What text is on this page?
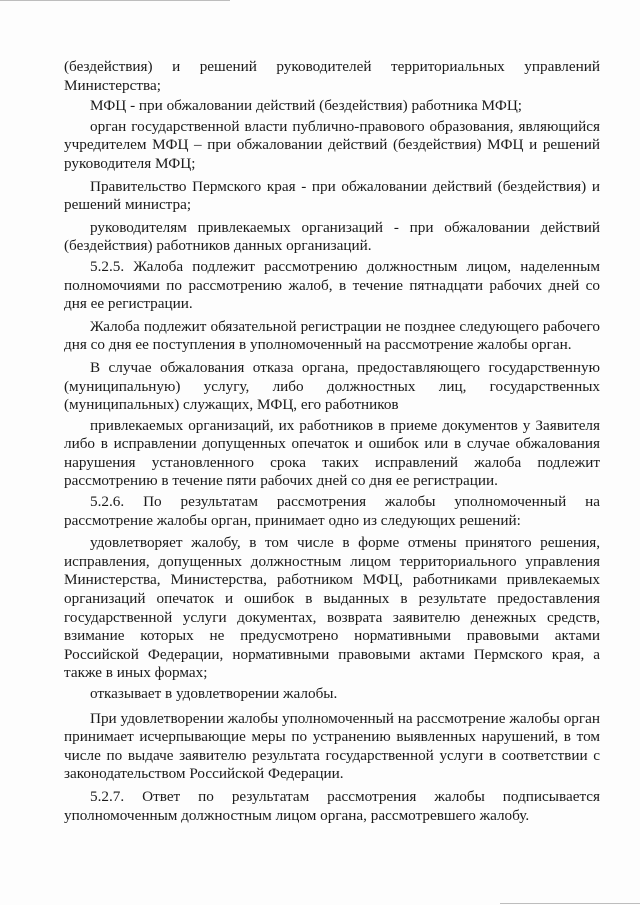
(бездействия) и решений руководителей территориальных управлений Министерства;

МФЦ - при обжаловании действий (бездействия) работника МФЦ;

орган государственной власти публично-правового образования, являющийся учредителем МФЦ – при обжаловании действий (бездействия) МФЦ и решений руководителя МФЦ;

Правительство Пермского края - при обжаловании действий (бездействия) и решений министра;

руководителям привлекаемых организаций - при обжаловании действий (бездействия) работников данных организаций.

5.2.5. Жалоба подлежит рассмотрению должностным лицом, наделенным полномочиями по рассмотрению жалоб, в течение пятнадцати рабочих дней со дня ее регистрации.

Жалоба подлежит обязательной регистрации не позднее следующего рабочего дня со дня ее поступления в уполномоченный на рассмотрение жалобы орган.

В случае обжалования отказа органа, предоставляющего государственную (муниципальную) услугу, либо должностных лиц, государственных (муниципальных) служащих, МФЦ, его работников

привлекаемых организаций, их работников в приеме документов у Заявителя либо в исправлении допущенных опечаток и ошибок или в случае обжалования нарушения установленного срока таких исправлений жалоба подлежит рассмотрению в течение пяти рабочих дней со дня ее регистрации.

5.2.6. По результатам рассмотрения жалобы уполномоченный на рассмотрение жалобы орган, принимает одно из следующих решений:

удовлетворяет жалобу, в том числе в форме отмены принятого решения, исправления, допущенных должностным лицом территориального управления Министерства, Министерства, работником МФЦ, работниками привлекаемых организаций опечаток и ошибок в выданных в результате предоставления государственной услуги документах, возврата заявителю денежных средств, взимание которых не предусмотрено нормативными правовыми актами Российской Федерации, нормативными правовыми актами Пермского края, а также в иных формах;

отказывает в удовлетворении жалобы.

При удовлетворении жалобы уполномоченный на рассмотрение жалобы орган принимает исчерпывающие меры по устранению выявленных нарушений, в том числе по выдаче заявителю результата государственной услуги в соответствии с законодательством Российской Федерации.

5.2.7. Ответ по результатам рассмотрения жалобы подписывается уполномоченным должностным лицом органа, рассмотревшего жалобу.
